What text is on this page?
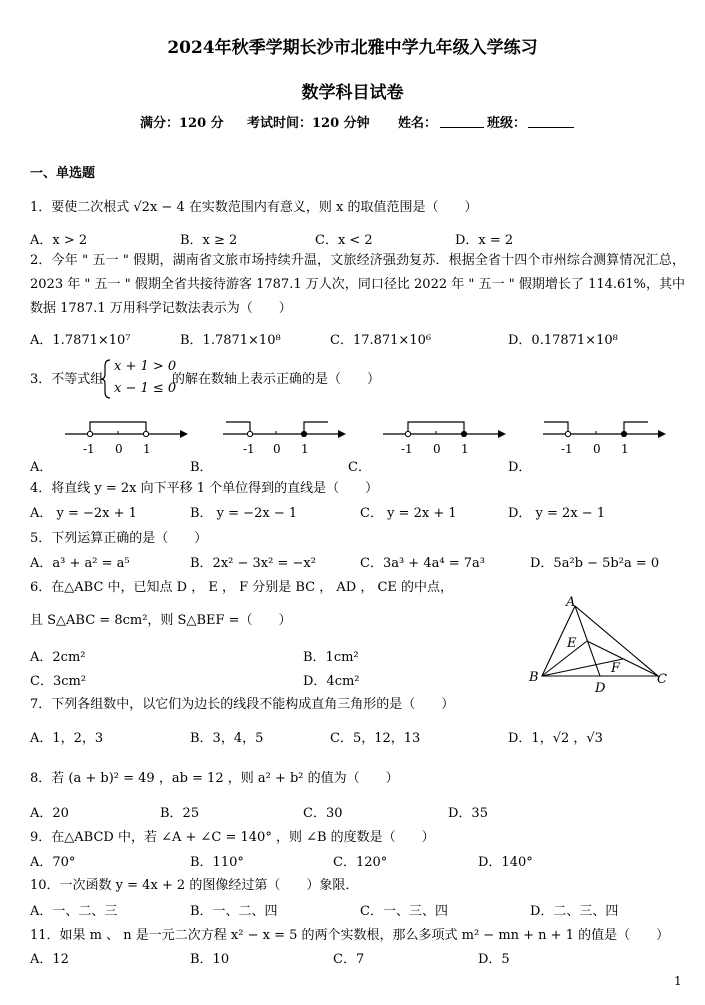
2024年秋季学期长沙市北雅中学九年级入学练习
数学科目试卷
满分：120 分 考试时间：120 分钟 姓名：	班级：
一、单选题
1．要使二次根式 √2x − 4 在实数范围内有意义，则 x 的取值范围是（　　）
A．x > 2	B．x ≥ 2	C．x < 2	D．x = 2
2．今年 " 五一 " 假期，湖南省文旅市场持续升温，文旅经济强劲复苏．根据全省十四个市州综合测算情况汇总，2023 年 " 五一 " 假期全省共接待游客 1787.1 万人次，同口径比 2022 年 " 五一 " 假期增长了 114.61%，其中数据 1787.1 万用科学记数法表示为（　　）
A．1.7871×10⁷	B．1.7871×10⁸	C．17.871×10⁶	D．0.17871×10⁸
3．不等式组
x + 1 > 0
x − 1 ≤ 0
的解在数轴上表示正确的是（　　）
-1 0 1	-1 0 1	-1 0 1	-1 0 1
A．	B．	C．	D．
4．将直线 y = 2x 向下平移 1 个单位得到的直线是（　　）
A． y = −2x + 1	B． y = −2x − 1	C． y = 2x + 1	D． y = 2x − 1
5．下列运算正确的是（　　）
A．a³ + a² = a⁵	B．2x² − 3x² = −x²	C．3a³ + 4a⁴ = 7a³	D．5a²b − 5b²a = 0
6．在△ABC 中，已知点 D ， E ， F 分别是 BC ， AD ， CE 的中点，
且 S△ABC = 8cm²，则 S△BEF =（　　）
A．2cm²	B．1cm²
C．3cm²	D．4cm²
A
E
F
B
D
C
7．下列各组数中，以它们为边长的线段不能构成直角三角形的是（　　）
A．1，2，3	B．3，4，5	C．5，12，13	D．1，√2 ，√3
8．若 (a + b)² = 49 ，ab = 12 ，则 a² + b² 的值为（　　）
A．20	B．25	C．30	D．35
9．在△ABCD 中，若 ∠A + ∠C = 140° ，则 ∠B 的度数是（　　）
A．70°	B．110°	C．120°	D．140°
10．一次函数 y = 4x + 2 的图像经过第（　　）象限．
A．一、二、三	B．一、二、四	C．一、三、四	D．二、三、四
11．如果 m 、 n 是一元二次方程 x² − x = 5 的两个实数根，那么多项式 m² − mn + n + 1 的值是（　　）
A．12	B．10	C．7	D．5
1
